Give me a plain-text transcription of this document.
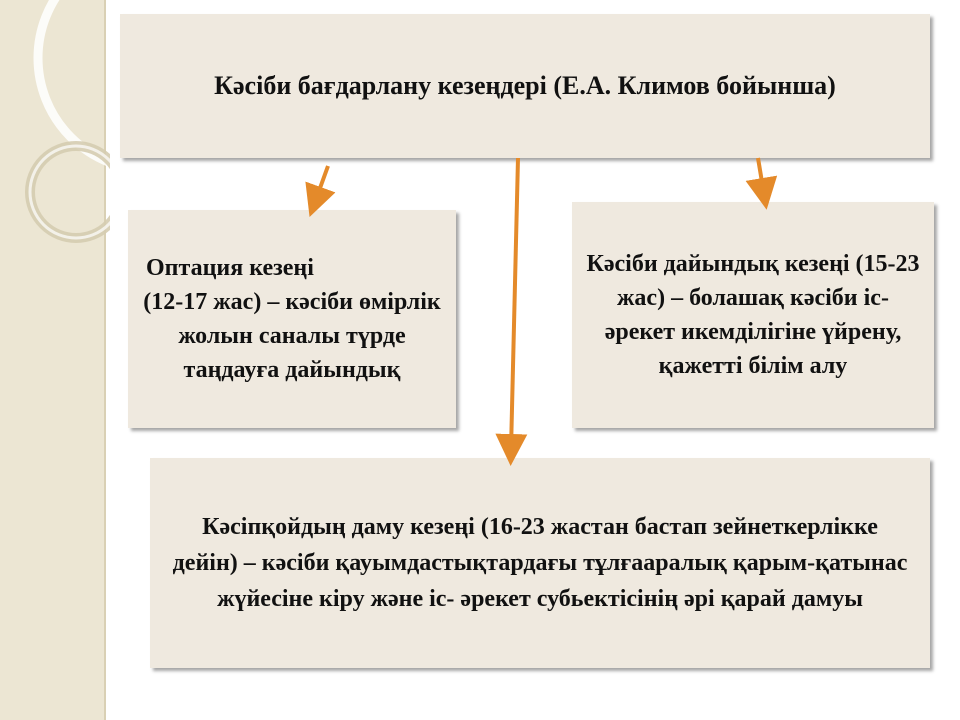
Кәсіби бағдарлану кезеңдері (Е.А. Климов бойынша)
Оптация кезеңі
(12-17 жас) – кәсіби өмірлік жолын саналы түрде таңдауға дайындық
Кәсіби дайындық кезеңі (15-23 жас) – болашақ кәсіби іс-әрекет икемділігіне үйрену, қажетті білім алу
Кәсіпқойдың даму кезеңі (16-23 жастан бастап зейнеткерлікке дейін) – кәсіби қауымдастықтардағы тұлғааралық қарым-қатынас жүйесіне кіру және іс- әрекет субьектісінің әрі қарай дамуы
